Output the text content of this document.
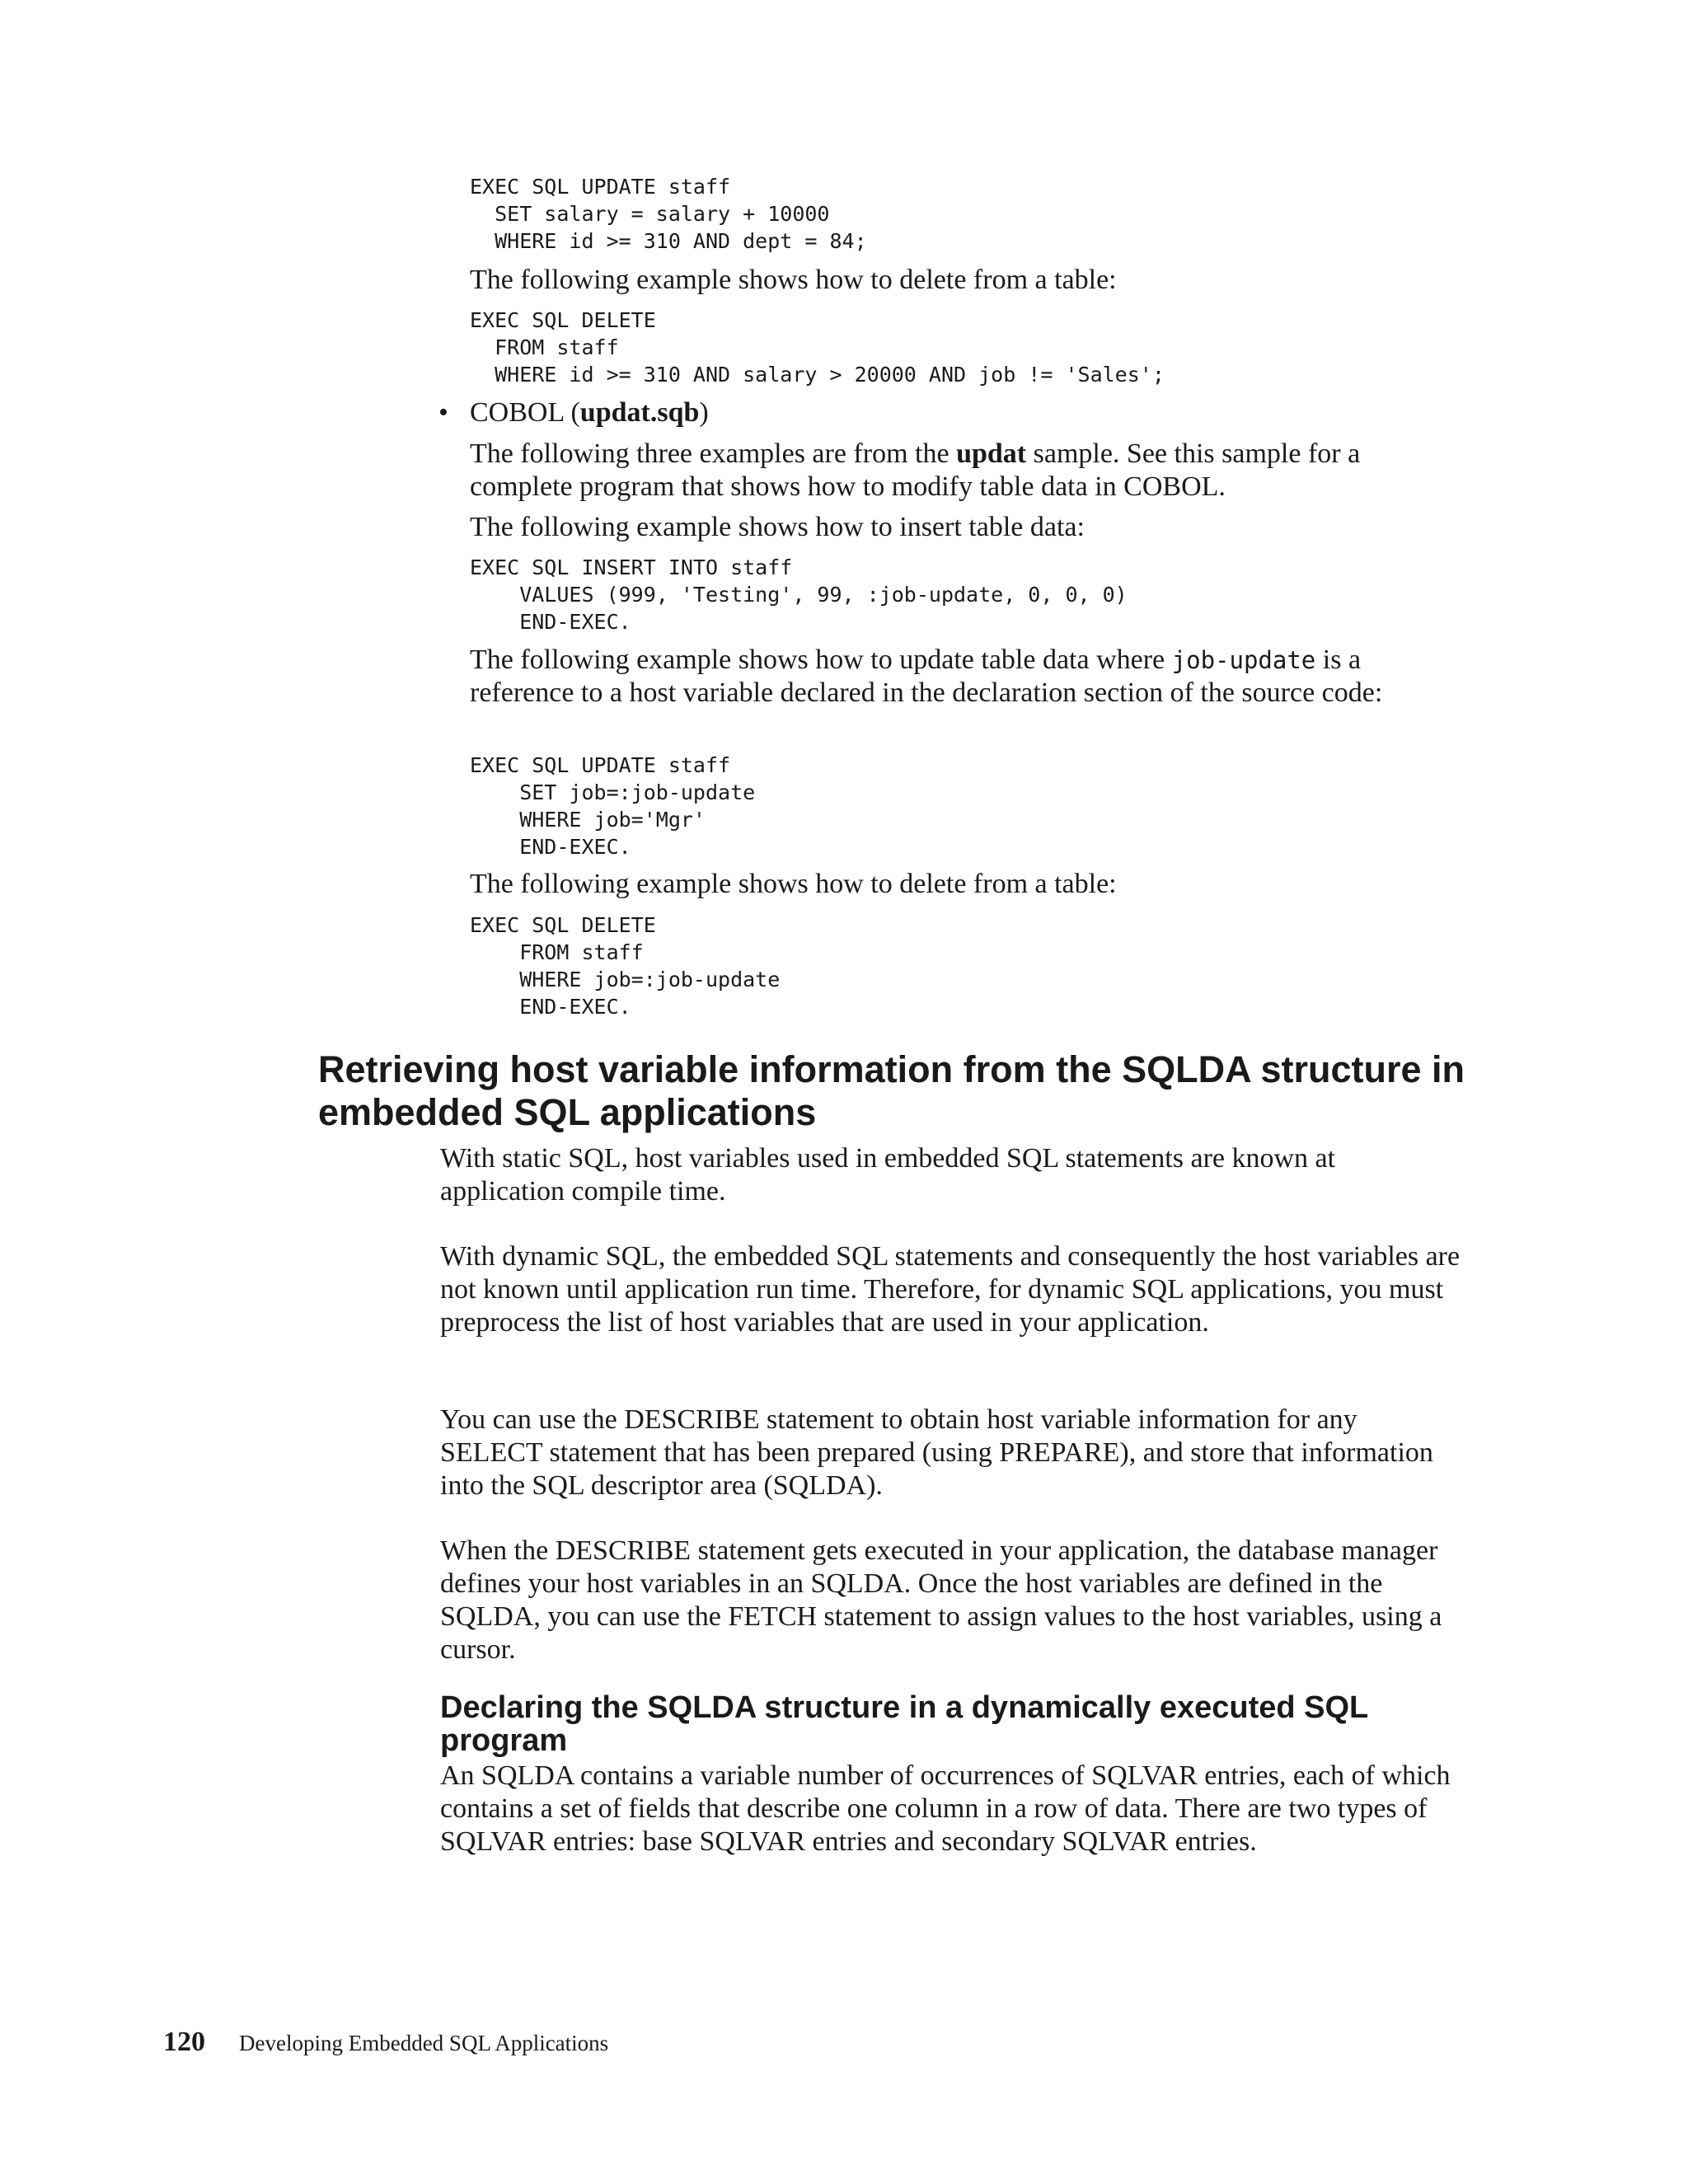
EXEC SQL UPDATE staff
SET salary = salary + 10000
WHERE id >= 310 AND dept = 84;

The following example shows how to delete from a table:

EXEC SQL DELETE
FROM staff
WHERE id >= 310 AND salary > 20000 AND job != 'Sales';
• COBOL (updat.sqb)

The following three examples are from the updat sample. See this sample for a complete program that shows how to modify table data in COBOL.

The following example shows how to insert table data:

EXEC SQL INSERT INTO staff
VALUES (999, 'Testing', 99, :job-update, 0, 0, 0)
END-EXEC.

The following example shows how to update table data where job-update is a reference to a host variable declared in the declaration section of the source code:

EXEC SQL UPDATE staff
SET job=:job-update
WHERE job='Mgr'
END-EXEC.

The following example shows how to delete from a table:

EXEC SQL DELETE
FROM staff
WHERE job=:job-update
END-EXEC.
Retrieving host variable information from the SQLDA structure in embedded SQL applications

With static SQL, host variables used in embedded SQL statements are known at application compile time.

With dynamic SQL, the embedded SQL statements and consequently the host variables are not known until application run time. Therefore, for dynamic SQL applications, you must preprocess the list of host variables that are used in your application.

You can use the DESCRIBE statement to obtain host variable information for any SELECT statement that has been prepared (using PREPARE), and store that information into the SQL descriptor area (SQLDA).

When the DESCRIBE statement gets executed in your application, the database manager defines your host variables in an SQLDA. Once the host variables are defined in the SQLDA, you can use the FETCH statement to assign values to the host variables, using a cursor.

Declaring the SQLDA structure in a dynamically executed SQL program

An SQLDA contains a variable number of occurrences of SQLVAR entries, each of which contains a set of fields that describe one column in a row of data. There are two types of SQLVAR entries: base SQLVAR entries and secondary SQLVAR entries.

120 Developing Embedded SQL Applications
